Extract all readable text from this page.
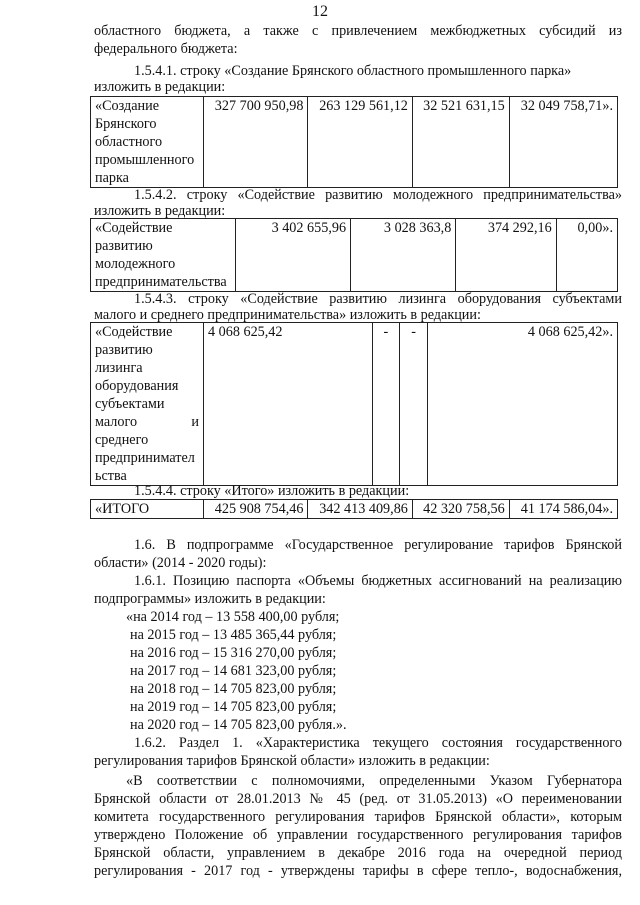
12
областного бюджета, а также с привлечением межбюджетных субсидий из
федерального бюджета:
1.5.4.1. строку «Создание Брянского областного промышленного парка»
изложить в редакции:
«Создание
Брянского
областного
промышленного
парка
	327 700 950,98	263 129 561,12	32 521 631,15	32 049 758,71».
1.5.4.2. строку «Содействие развитию молодежного предпринимательства»
изложить в редакции:
«Содействие
развитию
молодежного
предпринимательства
	3 402 655,96	3 028 363,8	374 292,16	0,00».
1.5.4.3. строку «Содействие развитию лизинга оборудования субъектами
малого и среднего предпринимательства» изложить в редакции:
«Содействие
развитию
лизинга
оборудования
субъектами
малого и
среднего
предпринимател
ьства
	4 068 625,42	-	-	4 068 625,42».
1.5.4.4. строку «Итого» изложить в редакции:
«ИТОГО	425 908 754,46	342 413 409,86	42 320 758,56	41 174 586,04».
1.6. В подпрограмме «Государственное регулирование тарифов Брянской
области» (2014 - 2020 годы):
1.6.1. Позицию паспорта «Объемы бюджетных ассигнований на реализацию
подпрограммы» изложить в редакции:
«на 2014 год – 13 558 400,00 рубля;
на 2015 год – 13 485 365,44 рубля;
на 2016 год – 15 316 270,00 рубля;
на 2017 год – 14 681 323,00 рубля;
на 2018 год – 14 705 823,00 рубля;
на 2019 год – 14 705 823,00 рубля;
на 2020 год – 14 705 823,00 рубля.».
1.6.2. Раздел 1. «Характеристика текущего состояния государственного
регулирования тарифов Брянской области» изложить в редакции:
«В соответствии с полномочиями, определенными Указом Губернатора
Брянской области от 28.01.2013 № 45 (ред. от 31.05.2013) «О переименовании
комитета государственного регулирования тарифов Брянской области», которым
утверждено Положение об управлении государственного регулирования тарифов
Брянской области, управлением в декабре 2016 года на очередной период
регулирования - 2017 год - утверждены тарифы в сфере тепло-, водоснабжения,
